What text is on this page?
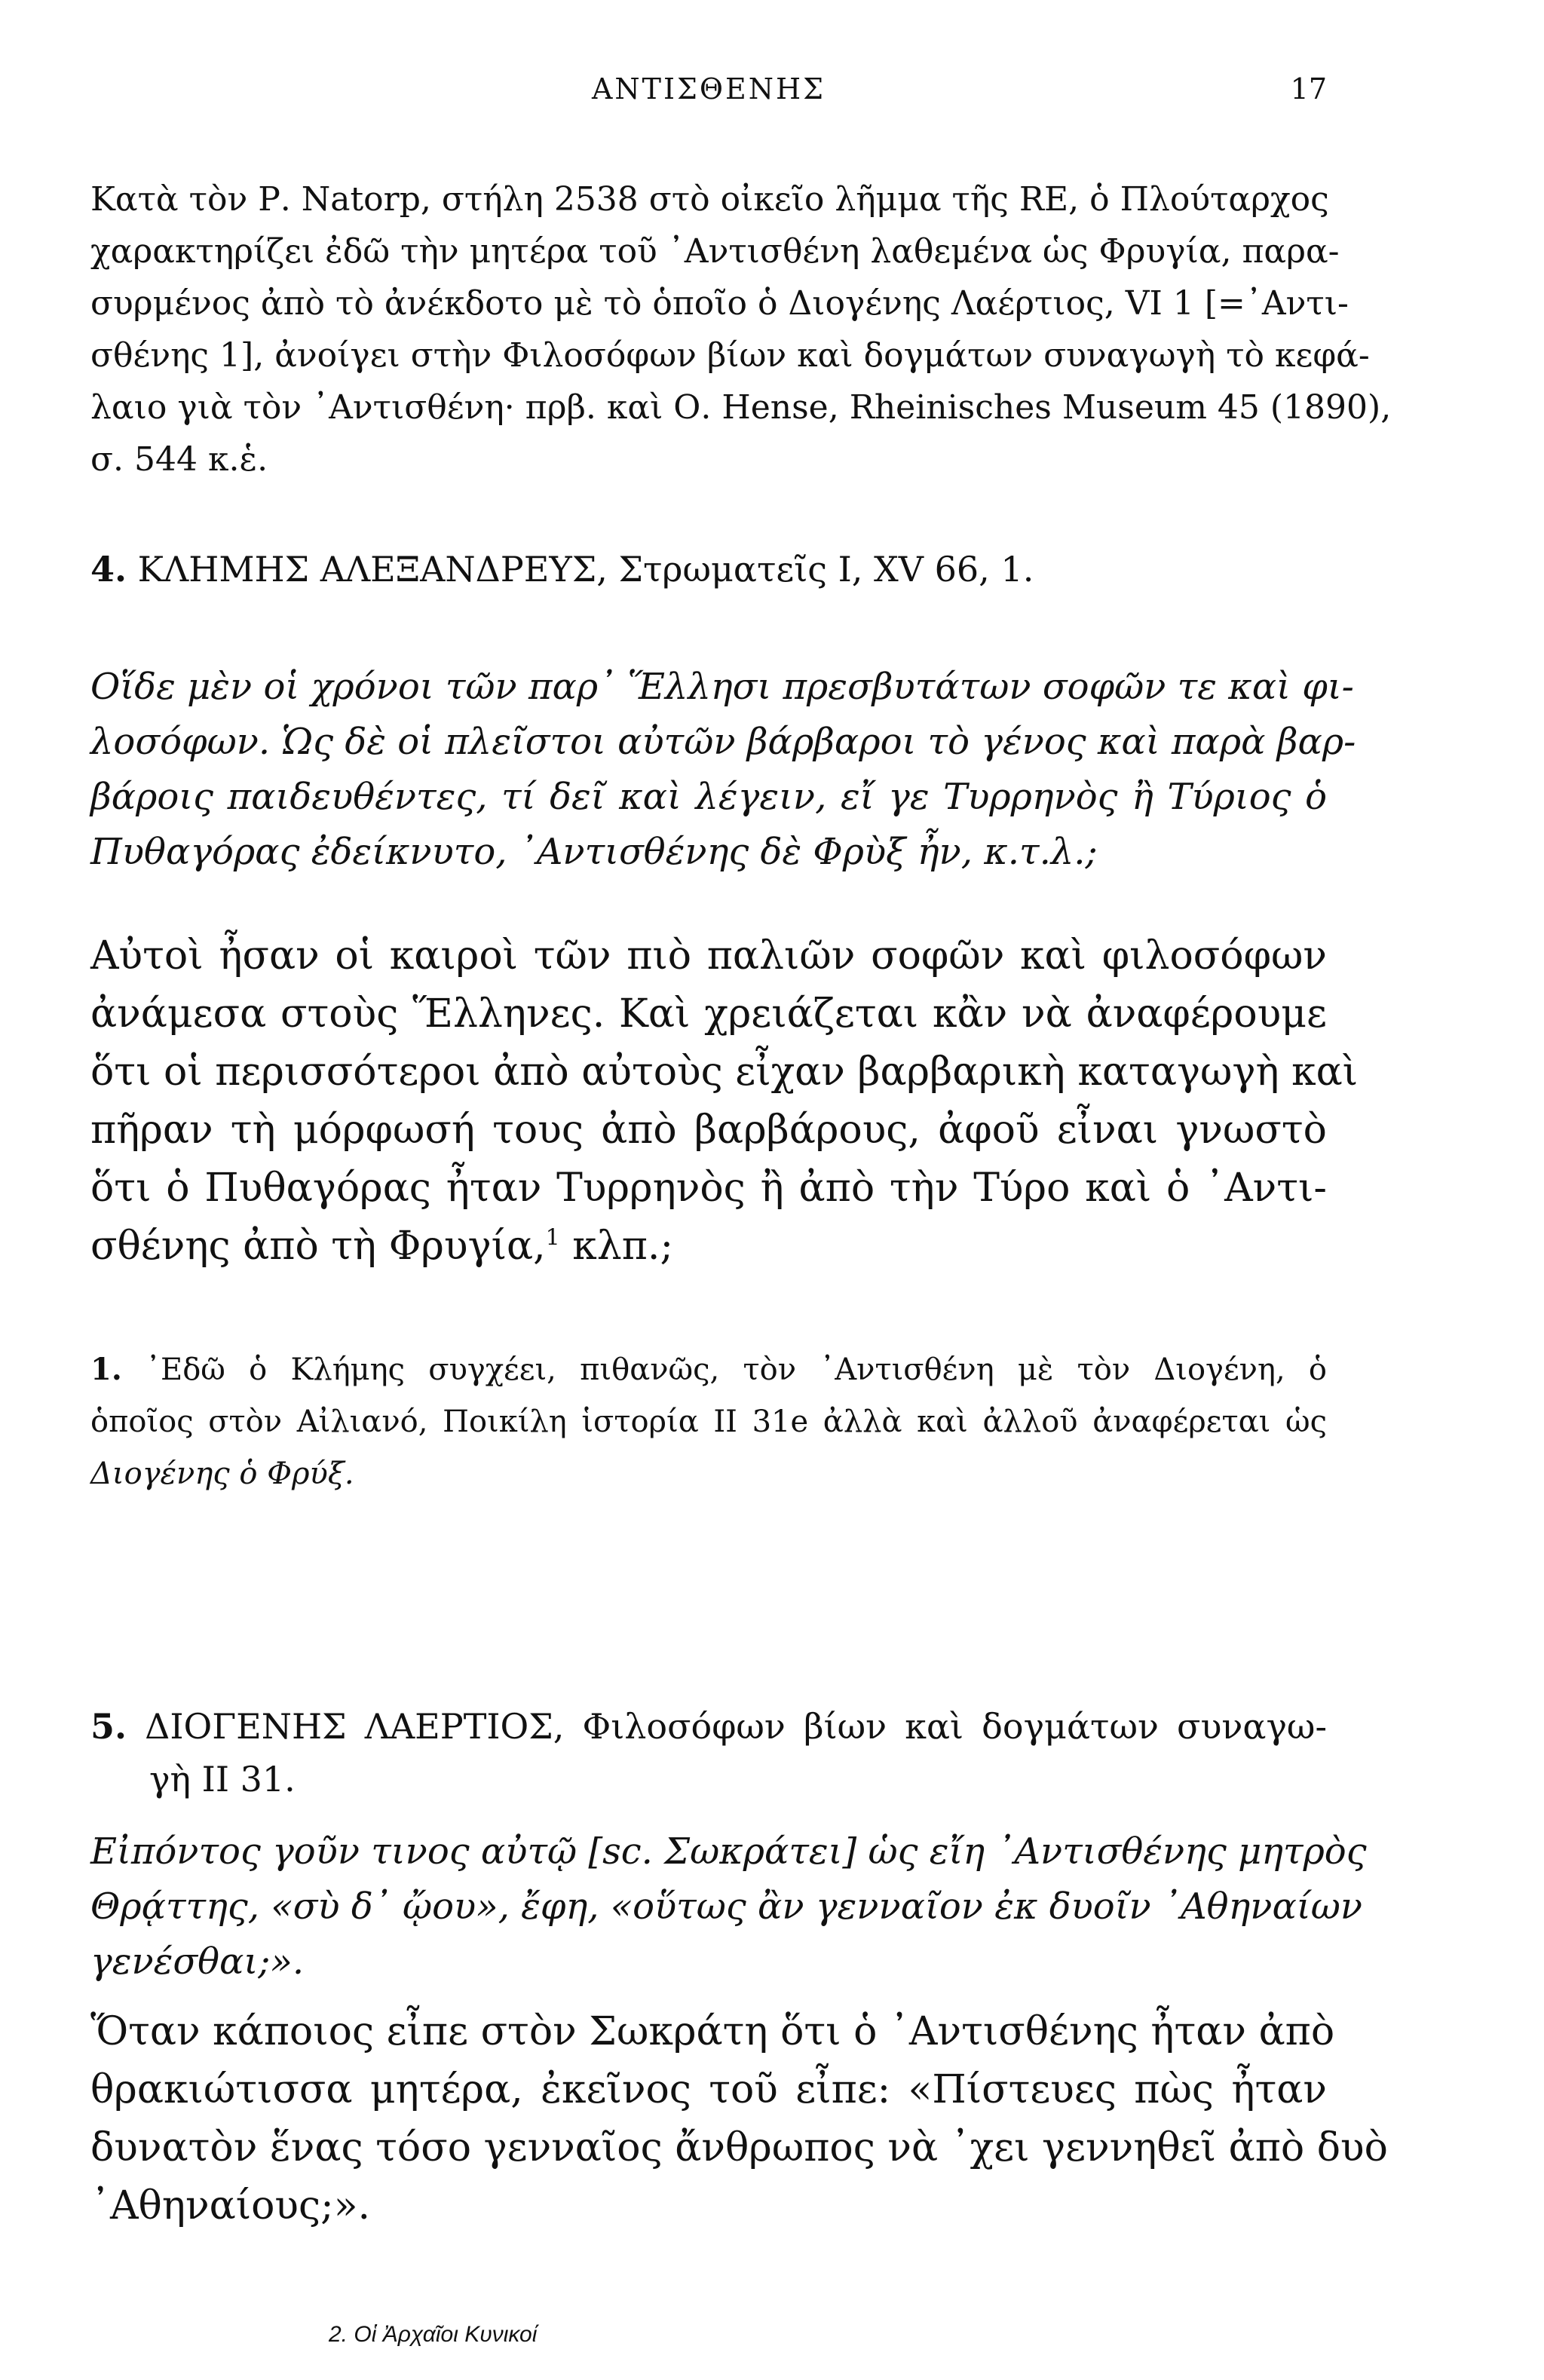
ΑΝΤΙΣΘΕΝΗΣ	17
Κατὰ τὸν Ρ. Natorp, στήλη 2538 στὸ οἰκεῖο λῆμμα τῆς RE, ὁ Πλούταρχος
χαρακτηρίζει ἐδῶ τὴν μητέρα τοῦ ᾿Αντισθένη λαθεμένα ὡς Φρυγία, παρα-
συρμένος ἀπὸ τὸ ἀνέκδοτο μὲ τὸ ὁποῖο ὁ Διογένης Λαέρτιος, VI 1 [=᾿Αντι-
σθένης 1], ἀνοίγει στὴν Φιλοσόφων βίων καὶ δογμάτων συναγωγὴ τὸ κεφά-
λαιο γιὰ τὸν ᾿Αντισθένη· πρβ. καὶ Ο. Hense, Rheinisches Museum 45 (1890),
σ. 544 κ.ἑ.
4. ΚΛΗΜΗΣ ΑΛΕΞΑΝΔΡΕΥΣ, Στρωματεῖς Ι, XV 66, 1.
Οἵδε μὲν οἱ χρόνοι τῶν παρ᾿ Ἕλλησι πρεσβυτάτων σοφῶν τε καὶ φι-
λοσόφων. Ὡς δὲ οἱ πλεῖστοι αὐτῶν βάρβαροι τὸ γένος καὶ παρὰ βαρ-
βάροις παιδευθέντες, τί δεῖ καὶ λέγειν, εἴ γε Τυρρηνὸς ἢ Τύριος ὁ
Πυθαγόρας ἐδείκνυτο, ᾿Αντισθένης δὲ Φρὺξ ἦν, κ.τ.λ.;
Αὐτοὶ ἦσαν οἱ καιροὶ τῶν πιὸ παλιῶν σοφῶν καὶ φιλοσόφων
ἀνάμεσα στοὺς Ἕλληνες. Καὶ χρειάζεται κἂν νὰ ἀναφέρουμε
ὅτι οἱ περισσότεροι ἀπὸ αὐτοὺς εἶχαν βαρβαρικὴ καταγωγὴ καὶ
πῆραν τὴ μόρφωσή τους ἀπὸ βαρβάρους, ἀφοῦ εἶναι γνωστὸ
ὅτι ὁ Πυθαγόρας ἦταν Τυρρηνὸς ἢ ἀπὸ τὴν Τύρο καὶ ὁ ᾿Αντι-
σθένης ἀπὸ τὴ Φρυγία,$^1$ κλπ.;
1. ᾿Εδῶ ὁ Κλήμης συγχέει, πιθανῶς, τὸν ᾿Αντισθένη μὲ τὸν Διογένη, ὁ
ὁποῖος στὸν Αἰλιανό, Ποικίλη ἱστορία II 31e ἀλλὰ καὶ ἀλλοῦ ἀναφέρεται ὡς
Διογένης ὁ Φρύξ.
5. ΔΙΟΓΕΝΗΣ ΛΑΕΡΤΙΟΣ, Φιλοσόφων βίων καὶ δογμάτων συναγω-
γὴ II 31.
Εἰπόντος γοῦν τινος αὐτῷ [sc. Σωκράτει] ὡς εἴη ᾿Αντισθένης μητρὸς
Θρᾴττης, «σὺ δ᾿ ᾤου», ἔφη, «οὕτως ἂν γενναῖον ἐκ δυοῖν ᾿Αθηναίων
γενέσθαι;».
Ὅταν κάποιος εἶπε στὸν Σωκράτη ὅτι ὁ ᾿Αντισθένης ἦταν ἀπὸ
θρακιώτισσα μητέρα, ἐκεῖνος τοῦ εἶπε: «Πίστευες πὼς ἦταν
δυνατὸν ἕνας τόσο γενναῖος ἄνθρωπος νὰ ᾿χει γεννηθεῖ ἀπὸ δυὸ
᾿Αθηναίους;».
2. Οἱ Ἀρχαῖοι Κυνικοί
